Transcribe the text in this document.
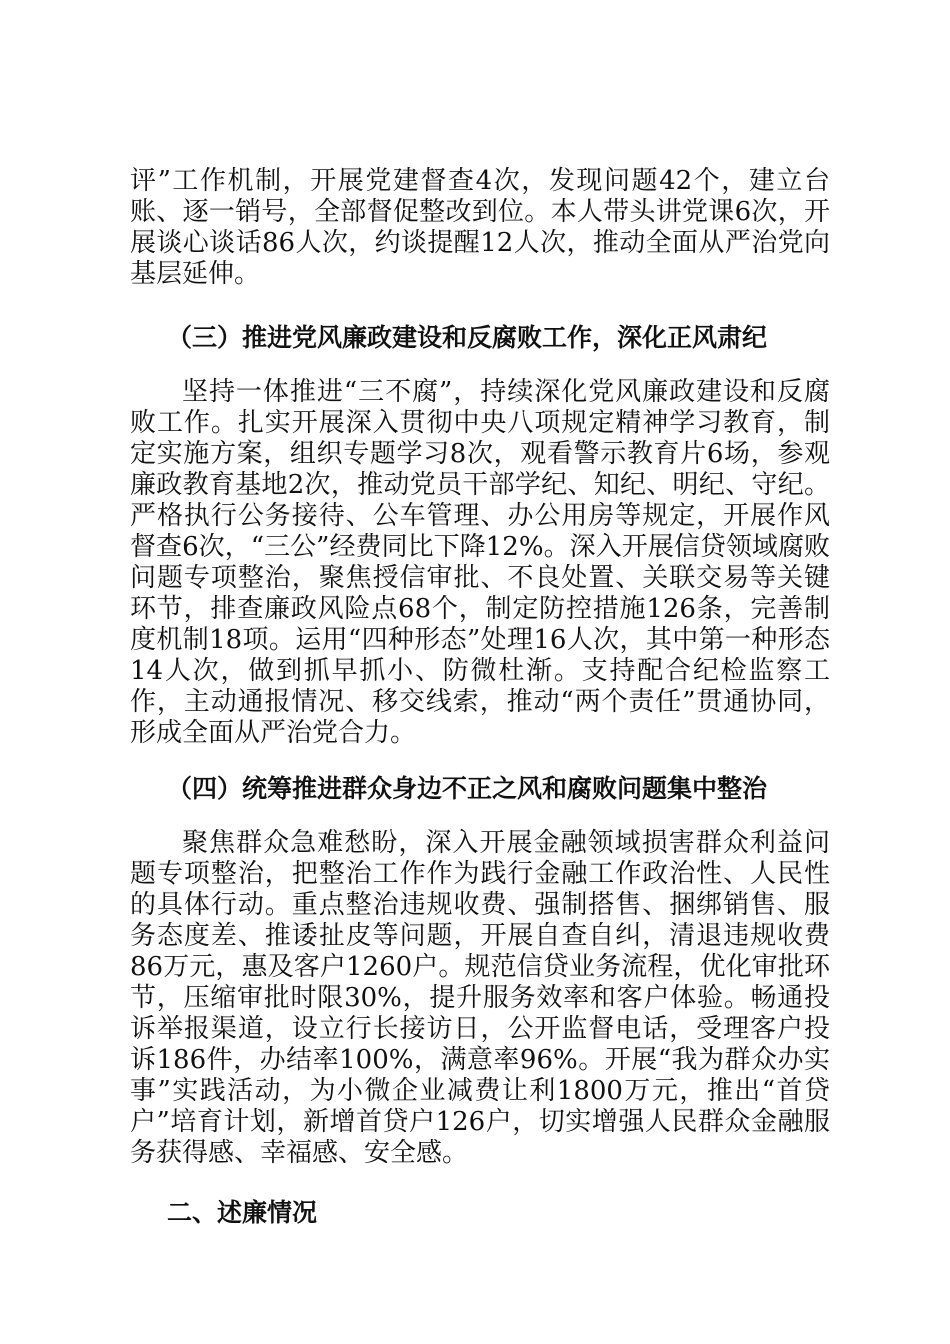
评”工作机制，开展党建督查4次，发现问题42个，建立台账、逐一销号，全部督促整改到位。本人带头讲党课6次，开展谈心谈话86人次，约谈提醒12人次，推动全面从严治党向基层延伸。

（三）推进党风廉政建设和反腐败工作，深化正风肃纪

坚持一体推进“三不腐”，持续深化党风廉政建设和反腐败工作。扎实开展深入贯彻中央八项规定精神学习教育，制定实施方案，组织专题学习8次，观看警示教育片6场，参观廉政教育基地2次，推动党员干部学纪、知纪、明纪、守纪。严格执行公务接待、公车管理、办公用房等规定，开展作风督查6次，“三公”经费同比下降12%。深入开展信贷领域腐败问题专项整治，聚焦授信审批、不良处置、关联交易等关键环节，排查廉政风险点68个，制定防控措施126条，完善制度机制18项。运用“四种形态”处理16人次，其中第一种形态14人次，做到抓早抓小、防微杜渐。支持配合纪检监察工作，主动通报情况、移交线索，推动“两个责任”贯通协同，形成全面从严治党合力。

（四）统筹推进群众身边不正之风和腐败问题集中整治

聚焦群众急难愁盼，深入开展金融领域损害群众利益问题专项整治，把整治工作作为践行金融工作政治性、人民性的具体行动。重点整治违规收费、强制搭售、捆绑销售、服务态度差、推诿扯皮等问题，开展自查自纠，清退违规收费86万元，惠及客户1260户。规范信贷业务流程，优化审批环节，压缩审批时限30%，提升服务效率和客户体验。畅通投诉举报渠道，设立行长接访日，公开监督电话，受理客户投诉186件，办结率100%，满意率96%。开展“我为群众办实事”实践活动，为小微企业减费让利1800万元，推出“首贷户”培育计划，新增首贷户126户，切实增强人民群众金融服务获得感、幸福感、安全感。

二、述廉情况
